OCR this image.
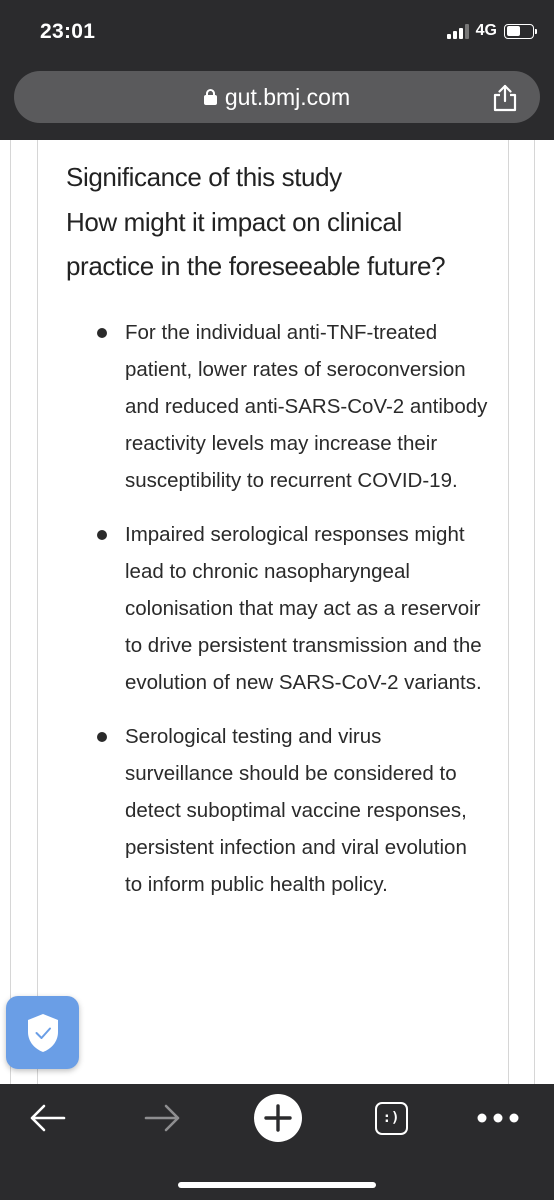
23:01	4G
gut.bmj.com
Significance of this study
How might it impact on clinical practice in the foreseeable future?
For the individual anti-TNF-treated patient, lower rates of seroconversion and reduced anti-SARS-CoV-2 antibody reactivity levels may increase their susceptibility to recurrent COVID-19.
Impaired serological responses might lead to chronic nasopharyngeal colonisation that may act as a reservoir to drive persistent transmission and the evolution of new SARS-CoV-2 variants.
Serological testing and virus surveillance should be considered to detect suboptimal vaccine responses, persistent infection and viral evolution to inform public health policy.
:)
